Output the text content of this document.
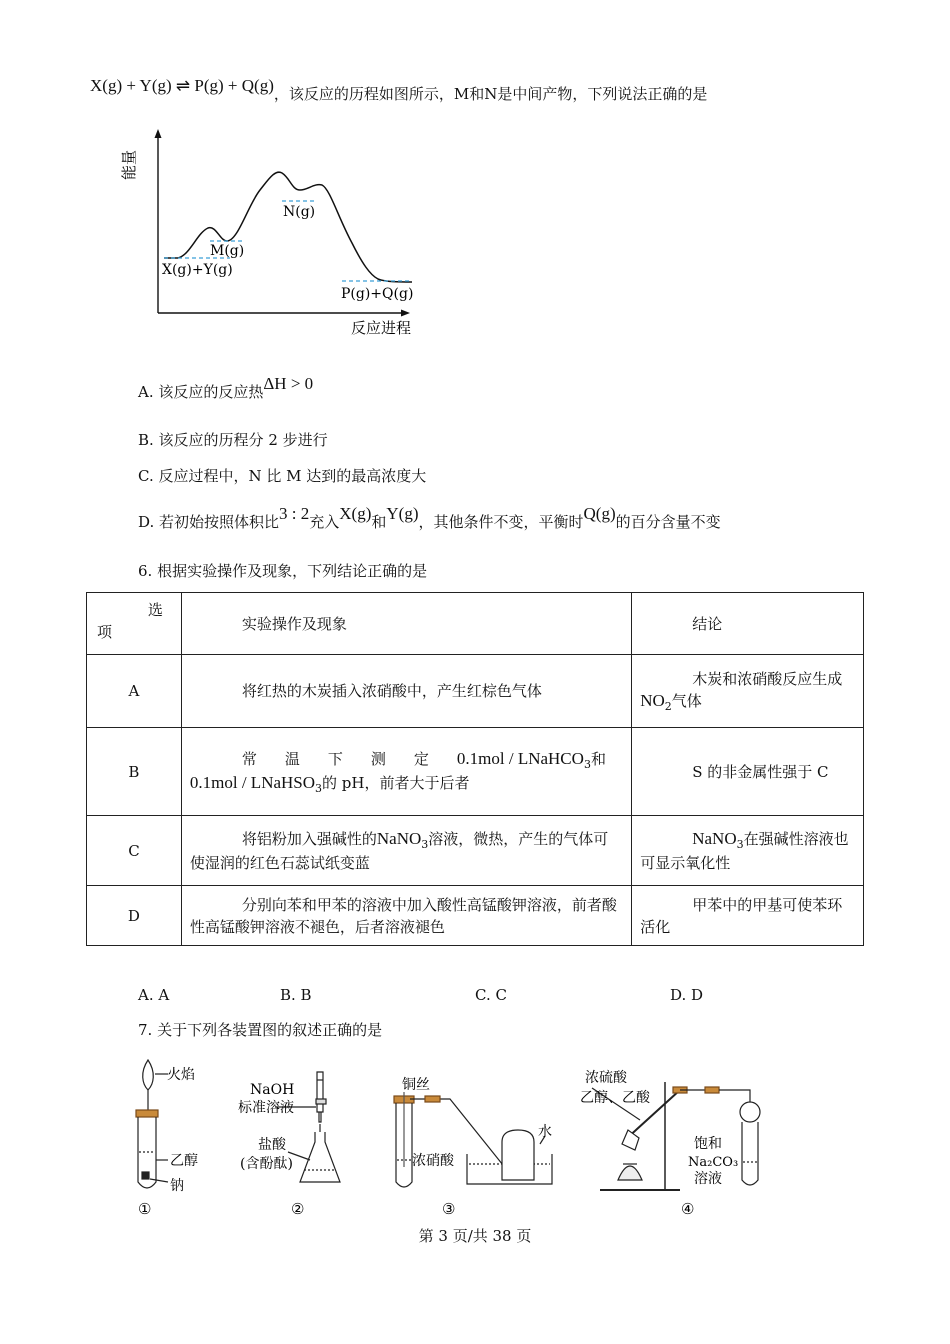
X(g) + Y(g) ⇌ P(g) + Q(g)，该反应的历程如图所示，M和N是中间产物，下列说法正确的是
能量
反应进程
X(g)+Y(g)
M(g)
N(g)
P(g)+Q(g)
A. 该反应的反应热ΔH > 0
B. 该反应的历程分 2 步进行
C. 反应过程中，N 比 M 达到的最高浓度大
D. 若初始按照体积比3 : 2充入X(g)和Y(g)，其他条件不变，平衡时Q(g)的百分含量不变
6. 根据实验操作及现象，下列结论正确的是
选
项	实验操作及现象	结论
A	将红热的木炭插入浓硝酸中，产生红棕色气体	木炭和浓硝酸反应生成$NO_2$气体
B	常温下测定0.1mol / LNaHCO$_3$和
0.1mol / LNaHSO$_3$的 pH，前者大于后者	S 的非金属性强于 C
C	将铝粉加入强碱性的NaNO$_3$溶液，微热，产生的气体可使湿润的红色石蕊试纸变蓝	NaNO$_3$在强碱性溶液也可显示氧化性
D	分别向苯和甲苯的溶液中加入酸性高锰酸钾溶液，前者酸性高锰酸钾溶液不褪色，后者溶液褪色	甲苯中的甲基可使苯环活化
A. A	B. B	C. C	D. D
7. 关于下列各装置图的叙述正确的是
火焰
乙醇
钠
①
NaOH
标准溶液
盐酸
(含酚酞)
②
铜丝
浓硝酸
水
③
浓硫酸
乙醇、乙酸
饱和
Na₂CO₃
溶液
④
第 3 页/共 38 页
